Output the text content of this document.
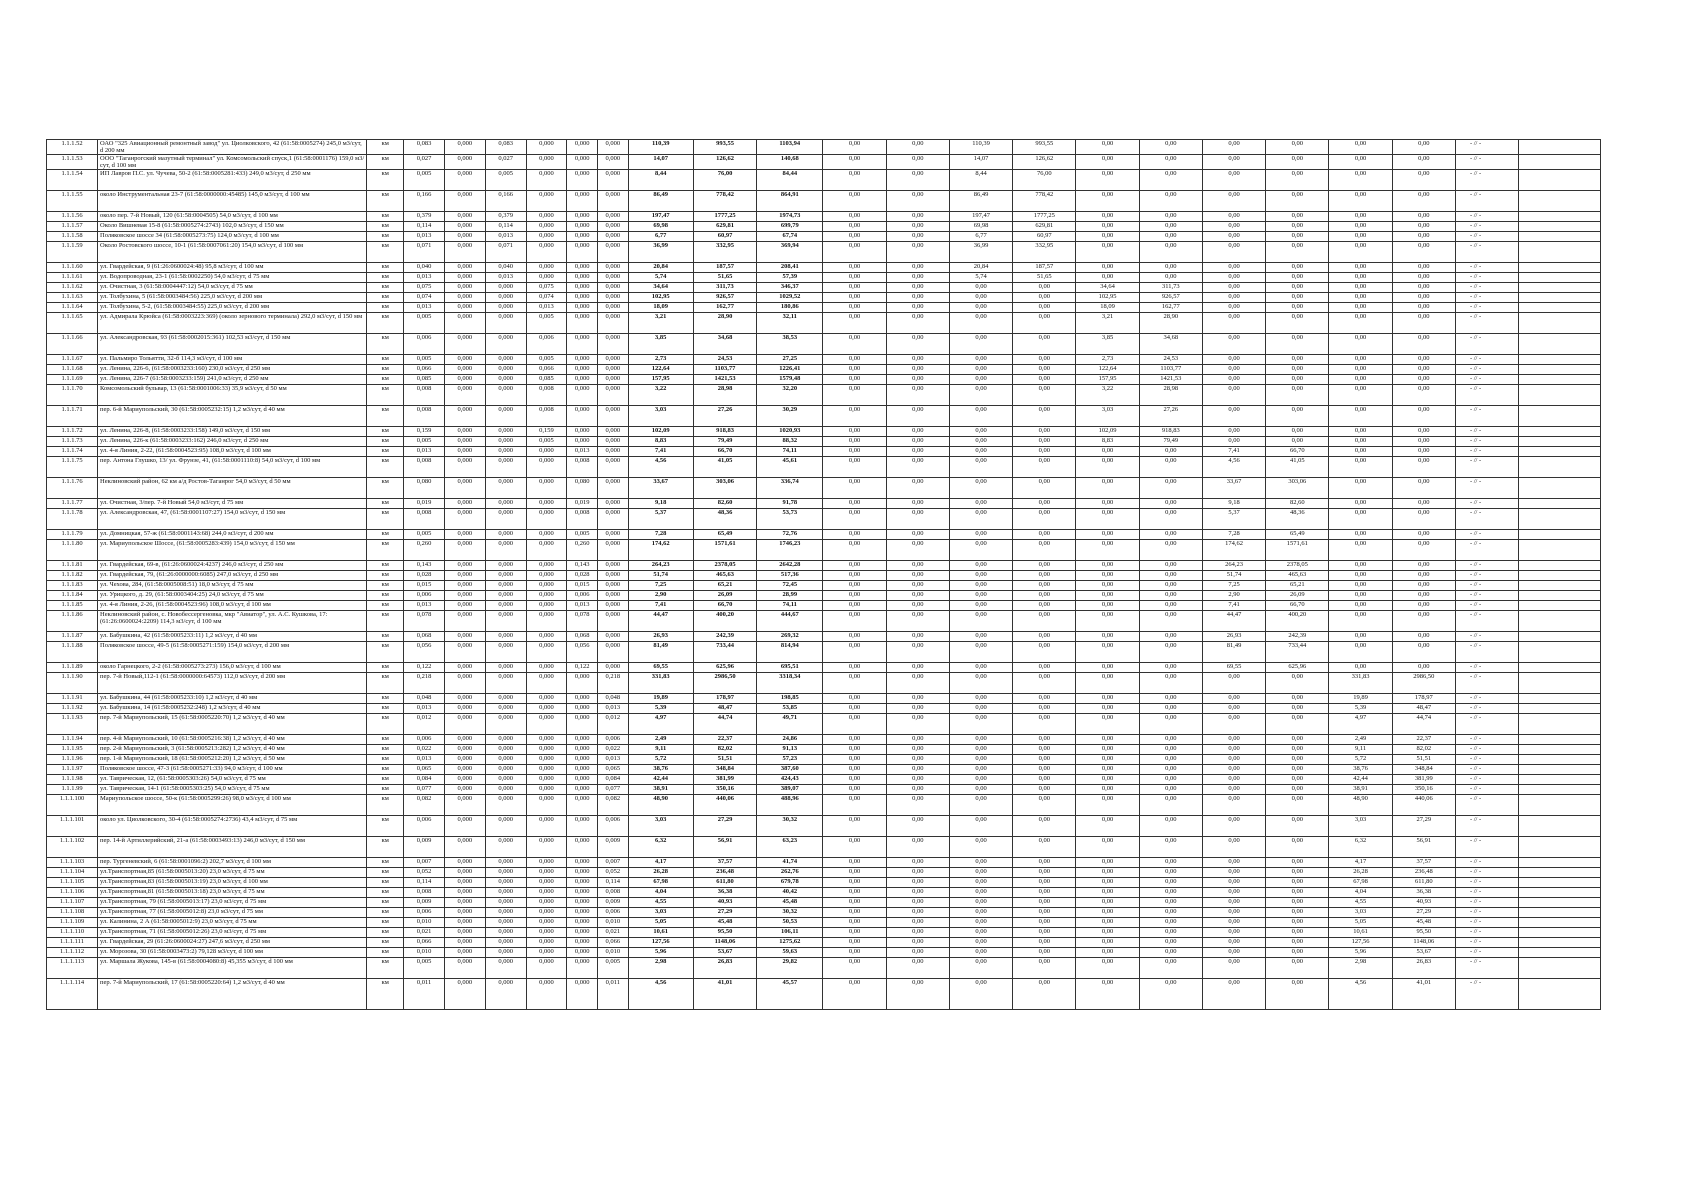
1.1.1.52	ОАО "325 Авиационный ремонтный завод" ул. Циолковского, 42 (61:58:0005274) 245,0 м3/сут, d 200 мм	км	0,083	0,000	0,083	0,000	0,000	0,000	110,39	993,55	1103,94	0,00	0,00	110,39	993,55	0,00	0,00	0,00	0,00	0,00	0,00	- // -	
1.1.1.53	ООО "Таганрогский мазутный терминал" ул. Комсомольский спуск,1 (61:58:0001176) 159,0 м3/сут, d 100 мм	км	0,027	0,000	0,027	0,000	0,000	0,000	14,07	126,62	140,68	0,00	0,00	14,07	126,62	0,00	0,00	0,00	0,00	0,00	0,00	- // -	
1.1.1.54	ИП Лавров П.С. ул. Чучева, 50-2 (61:58:0005281:433) 249,0 м3/сут, d 250 мм	км	0,005	0,000	0,005	0,000	0,000	0,000	8,44	76,00	84,44	0,00	0,00	8,44	76,00	0,00	0,00	0,00	0,00	0,00	0,00	- // -	
1.1.1.55	около Инструментальная 23-7 (61:58:0000000:45485) 145,0 м3/сут, d 100 мм	км	0,166	0,000	0,166	0,000	0,000	0,000	86,49	778,42	864,91	0,00	0,00	86,49	778,42	0,00	0,00	0,00	0,00	0,00	0,00	- // -	
1.1.1.56	около пер. 7-й Новый, 120 (61:58:0004505) 54,0 м3/сут, d 100 мм	км	0,379	0,000	0,379	0,000	0,000	0,000	197,47	1777,25	1974,73	0,00	0,00	197,47	1777,25	0,00	0,00	0,00	0,00	0,00	0,00	- // -	
1.1.1.57	Около Вишневая 15-8 (61:58:0005274:2743) 102,0 м3/сут, d 150 мм	км	0,114	0,000	0,114	0,000	0,000	0,000	69,98	629,81	699,79	0,00	0,00	69,98	629,81	0,00	0,00	0,00	0,00	0,00	0,00	- // -	
1.1.1.58	Поляковское шоссе 34 (61:58:0005273:75) 124,0 м3/сут, d 100 мм	км	0,013	0,000	0,013	0,000	0,000	0,000	6,77	60,97	67,74	0,00	0,00	6,77	60,97	0,00	0,00	0,00	0,00	0,00	0,00	- // -	
1.1.1.59	Около Ростовского шоссе, 10-1 (61:58:0007061:20) 154,0 м3/сут, d 100 мм	км	0,071	0,000	0,071	0,000	0,000	0,000	36,99	332,95	369,94	0,00	0,00	36,99	332,95	0,00	0,00	0,00	0,00	0,00	0,00	- // -	
1.1.1.60	ул. Гвардейская, 9 (61:26:0600024:48) 95,8 м3/сут, d 100 мм	км	0,040	0,000	0,040	0,000	0,000	0,000	20,84	187,57	208,41	0,00	0,00	20,84	187,57	0,00	0,00	0,00	0,00	0,00	0,00	- // -	
1.1.1.61	ул. Водопроводная, 23-1 (61:58:0002250) 54,0 м3/сут, d 75 мм	км	0,013	0,000	0,013	0,000	0,000	0,000	5,74	51,65	57,39	0,00	0,00	5,74	51,65	0,00	0,00	0,00	0,00	0,00	0,00	- // -	
1.1.1.62	ул. Очистная, 3 (61:58:0004447:12) 54,0 м3/сут, d 75 мм	км	0,075	0,000	0,000	0,075	0,000	0,000	34,64	311,73	346,37	0,00	0,00	0,00	0,00	34,64	311,73	0,00	0,00	0,00	0,00	- // -	
1.1.1.63	ул. Толбухина, 5 (61:58:0003484:56) 225,0 м3/сут, d 200 мм	км	0,074	0,000	0,000	0,074	0,000	0,000	102,95	926,57	1029,52	0,00	0,00	0,00	0,00	102,95	926,57	0,00	0,00	0,00	0,00	- // -	
1.1.1.64	ул. Толбухина, 5-2, (61:58:0003484:55) 225,0 м3/сут, d 200 мм	км	0,013	0,000	0,000	0,013	0,000	0,000	18,09	162,77	180,86	0,00	0,00	0,00	0,00	18,09	162,77	0,00	0,00	0,00	0,00	- // -	
1.1.1.65	ул. Адмирала Крюйса (61:58:0003223:369) (около зернового терминала) 292,0 м3/сут, d 150 мм	км	0,005	0,000	0,000	0,005	0,000	0,000	3,21	28,90	32,11	0,00	0,00	0,00	0,00	3,21	28,90	0,00	0,00	0,00	0,00	- // -	
1.1.1.66	ул. Александровская, 93 (61:58:0002015:361) 102,53 м3/сут, d 150 мм	км	0,006	0,000	0,000	0,006	0,000	0,000	3,85	34,68	38,53	0,00	0,00	0,00	0,00	3,85	34,68	0,00	0,00	0,00	0,00	- // -	
1.1.1.67	ул. Пальмиро Тольятти, 32-б 114,3 м3/сут, d 100 мм	км	0,005	0,000	0,000	0,005	0,000	0,000	2,73	24,53	27,25	0,00	0,00	0,00	0,00	2,73	24,53	0,00	0,00	0,00	0,00	- // -	
1.1.1.68	ул. Ленина, 226-6, (61:58:0003233:160) 230,0 м3/сут, d 250 мм	км	0,066	0,000	0,000	0,066	0,000	0,000	122,64	1103,77	1226,41	0,00	0,00	0,00	0,00	122,64	1103,77	0,00	0,00	0,00	0,00	- // -	
1.1.1.69	ул. Ленина, 226-7 (61:58:0003233:159) 241,0 м3/сут, d 250 мм	км	0,085	0,000	0,000	0,085	0,000	0,000	157,95	1421,53	1579,48	0,00	0,00	0,00	0,00	157,95	1421,53	0,00	0,00	0,00	0,00	- // -	
1.1.1.70	Комсомольский бульвар, 13 (61:58:0001006:33) 35,9 м3/сут, d 50 мм	км	0,008	0,000	0,000	0,008	0,000	0,000	3,22	28,98	32,20	0,00	0,00	0,00	0,00	3,22	28,98	0,00	0,00	0,00	0,00	- // -	
1.1.1.71	пер. 6-й Мариупольский, 30 (61:58:0005232:15) 1,2 м3/сут, d 40 мм	км	0,008	0,000	0,000	0,008	0,000	0,000	3,03	27,26	30,29	0,00	0,00	0,00	0,00	3,03	27,26	0,00	0,00	0,00	0,00	- // -	
1.1.1.72	ул. Ленина, 226-8, (61:58:0003233:158) 149,0 м3/сут, d 150 мм	км	0,159	0,000	0,000	0,159	0,000	0,000	102,09	918,83	1020,93	0,00	0,00	0,00	0,00	102,09	918,83	0,00	0,00	0,00	0,00	- // -	
1.1.1.73	ул. Ленина, 226-к (61:58:0003233:162) 246,0 м3/сут, d 250 мм	км	0,005	0,000	0,000	0,005	0,000	0,000	8,83	79,49	88,32	0,00	0,00	0,00	0,00	8,83	79,49	0,00	0,00	0,00	0,00	- // -	
1.1.1.74	ул. 4-я Линия, 2-22, (61:58:0004523:95) 108,0 м3/сут, d 100 мм	км	0,013	0,000	0,000	0,000	0,013	0,000	7,41	66,70	74,11	0,00	0,00	0,00	0,00	0,00	0,00	7,41	66,70	0,00	0,00	- // -	
1.1.1.75	пер. Антона Глушко, 13/ ул. Фрунзе, 41, (61:58:0001110:8) 54,0 м3/сут, d 100 мм	км	0,008	0,000	0,000	0,000	0,008	0,000	4,56	41,05	45,61	0,00	0,00	0,00	0,00	0,00	0,00	4,56	41,05	0,00	0,00	- // -	
1.1.1.76	Неклиновский район, 62 км а/д Ростов-Таганрог 54,0 м3/сут, d 50 мм	км	0,080	0,000	0,000	0,000	0,080	0,000	33,67	303,06	336,74	0,00	0,00	0,00	0,00	0,00	0,00	33,67	303,06	0,00	0,00	- // -	
1.1.1.77	ул. Очистная, 3/пер. 7-й Новый 54,0 м3/сут, d 75 мм	км	0,019	0,000	0,000	0,000	0,019	0,000	9,18	82,60	91,78	0,00	0,00	0,00	0,00	0,00	0,00	9,18	82,60	0,00	0,00	- // -	
1.1.1.78	ул. Александровская, 47, (61:58:0001107:27) 154,0 м3/сут, d 150 мм	км	0,008	0,000	0,000	0,000	0,008	0,000	5,37	48,36	53,73	0,00	0,00	0,00	0,00	0,00	0,00	5,37	48,36	0,00	0,00	- // -	
1.1.1.79	ул. Домницкая, 57-ж (61:58:0001143:68) 244,0 м3/сут, d 200 мм	км	0,005	0,000	0,000	0,000	0,005	0,000	7,28	65,49	72,76	0,00	0,00	0,00	0,00	0,00	0,00	7,28	65,49	0,00	0,00	- // -	
1.1.1.80	ул. Мариупольское Шоссе, (61:58:0005283:439) 154,0 м3/сут, d 150 мм	км	0,260	0,000	0,000	0,000	0,260	0,000	174,62	1571,61	1746,23	0,00	0,00	0,00	0,00	0,00	0,00	174,62	1571,61	0,00	0,00	- // -	
1.1.1.81	ул. Гвардейская, 69-в, (61:26:0600024:4237) 246,0 м3/сут, d 250 мм	км	0,143	0,000	0,000	0,000	0,143	0,000	264,23	2378,05	2642,28	0,00	0,00	0,00	0,00	0,00	0,00	264,23	2378,05	0,00	0,00	- // -	
1.1.1.82	ул. Гвардейская, 79, (61:26:0000000:6085) 247,0 м3/сут, d 250 мм	км	0,028	0,000	0,000	0,000	0,028	0,000	51,74	465,63	517,36	0,00	0,00	0,00	0,00	0,00	0,00	51,74	465,63	0,00	0,00	- // -	
1.1.1.83	ул. Чехова, 284, (61:58:0005008:51) 18,0 м3/сут, d 75 мм	км	0,015	0,000	0,000	0,000	0,015	0,000	7,25	65,21	72,45	0,00	0,00	0,00	0,00	0,00	0,00	7,25	65,21	0,00	0,00	- // -	
1.1.1.84	ул. Урицкого, д. 29, (61:58:0003404:25) 24,0 м3/сут, d 75 мм	км	0,006	0,000	0,000	0,000	0,006	0,000	2,90	26,09	28,99	0,00	0,00	0,00	0,00	0,00	0,00	2,90	26,09	0,00	0,00	- // -	
1.1.1.85	ул. 4-я Линия, 2-26, (61:58:0004523:96) 108,0 м3/сут, d 100 мм	км	0,013	0,000	0,000	0,000	0,013	0,000	7,41	66,70	74,11	0,00	0,00	0,00	0,00	0,00	0,00	7,41	66,70	0,00	0,00	- // -	
1.1.1.86	Неклиновский район, с. Новобессергеновка, мкр "Авиатор", ул. А.С. Кушкова, 17: (61:26:0600024:2209) 114,3 м3/сут, d 100 мм	км	0,078	0,000	0,000	0,000	0,078	0,000	44,47	400,20	444,67	0,00	0,00	0,00	0,00	0,00	0,00	44,47	400,20	0,00	0,00	- // -	
1.1.1.87	ул. Бабушкина, 42 (61:58:0005233:11) 1,2 м3/сут, d 40 мм	км	0,068	0,000	0,000	0,000	0,068	0,000	26,93	242,39	269,32	0,00	0,00	0,00	0,00	0,00	0,00	26,93	242,39	0,00	0,00	- // -	
1.1.1.88	Поляковское шоссе, 49-5 (61:58:0005271:159) 154,0 м3/сут, d 200 мм	км	0,056	0,000	0,000	0,000	0,056	0,000	81,49	733,44	814,94	0,00	0,00	0,00	0,00	0,00	0,00	81,49	733,44	0,00	0,00	- // -	
1.1.1.89	около Гарнецкого, 2-2 (61:58:0005273:273) 156,0 м3/сут, d 100 мм	км	0,122	0,000	0,000	0,000	0,122	0,000	69,55	625,96	695,51	0,00	0,00	0,00	0,00	0,00	0,00	69,55	625,96	0,00	0,00	- // -	
1.1.1.90	пер. 7-й Новый,112-1 (61:58:0000000:64573) 112,0 м3/сут, d 200 мм	км	0,218	0,000	0,000	0,000	0,000	0,218	331,83	2986,50	3318,34	0,00	0,00	0,00	0,00	0,00	0,00	0,00	0,00	331,83	2986,50	- // -	
1.1.1.91	ул. Бабушкина, 44 (61:58:0005233:10) 1,2 м3/сут, d 40 мм	км	0,048	0,000	0,000	0,000	0,000	0,048	19,89	178,97	198,85	0,00	0,00	0,00	0,00	0,00	0,00	0,00	0,00	19,89	178,97	- // -	
1.1.1.92	ул. Бабушкина, 14 (61:58:0005232:248) 1,2 м3/сут, d 40 мм	км	0,013	0,000	0,000	0,000	0,000	0,013	5,39	48,47	53,85	0,00	0,00	0,00	0,00	0,00	0,00	0,00	0,00	5,39	48,47	- // -	
1.1.1.93	пер. 7-й Мариупольский, 15 (61:58:0005220:70) 1,2 м3/сут, d 40 мм	км	0,012	0,000	0,000	0,000	0,000	0,012	4,97	44,74	49,71	0,00	0,00	0,00	0,00	0,00	0,00	0,00	0,00	4,97	44,74	- // -	
1.1.1.94	пер. 4-й Мариупольский, 10 (61:58:0005216:38) 1,2 м3/сут, d 40 мм	км	0,006	0,000	0,000	0,000	0,000	0,006	2,49	22,37	24,86	0,00	0,00	0,00	0,00	0,00	0,00	0,00	0,00	2,49	22,37	- // -	
1.1.1.95	пер. 2-й Мариупольский, 3 (61:58:0005213:282) 1,2 м3/сут, d 40 мм	км	0,022	0,000	0,000	0,000	0,000	0,022	9,11	82,02	91,13	0,00	0,00	0,00	0,00	0,00	0,00	0,00	0,00	9,11	82,02	- // -	
1.1.1.96	пер. 1-й Мариупольский, 18 (61:58:0005212:20) 1,2 м3/сут, d 50 мм	км	0,013	0,000	0,000	0,000	0,000	0,013	5,72	51,51	57,23	0,00	0,00	0,00	0,00	0,00	0,00	0,00	0,00	5,72	51,51	- // -	
1.1.1.97	Поляковское шоссе, 47-3 (61:58:0005271:33) 94,0 м3/сут, d 100 мм	км	0,065	0,000	0,000	0,000	0,000	0,065	38,76	348,84	387,60	0,00	0,00	0,00	0,00	0,00	0,00	0,00	0,00	38,76	348,84	- // -	
1.1.1.98	ул. Таврическая, 12, (61:58:0005303:26) 54,0 м3/сут, d 75 мм	км	0,084	0,000	0,000	0,000	0,000	0,084	42,44	381,99	424,43	0,00	0,00	0,00	0,00	0,00	0,00	0,00	0,00	42,44	381,99	- // -	
1.1.1.99	ул. Таврическая, 14-1 (61:58:0005303:25) 54,0 м3/сут, d 75 мм	км	0,077	0,000	0,000	0,000	0,000	0,077	38,91	350,16	389,07	0,00	0,00	0,00	0,00	0,00	0,00	0,00	0,00	38,91	350,16	- // -	
1.1.1.100	Мариупольское шоссе, 50-к (61:58:0005299:26) 98,0 м3/сут, d 100 мм	км	0,082	0,000	0,000	0,000	0,000	0,082	48,90	440,06	488,96	0,00	0,00	0,00	0,00	0,00	0,00	0,00	0,00	48,90	440,06	- // -	
1.1.1.101	около ул. Циолковского, 30-4 (61:58:0005274:2736) 43,4 м3/сут, d 75 мм	км	0,006	0,000	0,000	0,000	0,000	0,006	3,03	27,29	30,32	0,00	0,00	0,00	0,00	0,00	0,00	0,00	0,00	3,03	27,29	- // -	
1.1.1.102	пер. 14-й Артиллерийский, 21-а (61:58:0003493:13) 246,0 м3/сут, d 150 мм	км	0,009	0,000	0,000	0,000	0,000	0,009	6,32	56,91	63,23	0,00	0,00	0,00	0,00	0,00	0,00	0,00	0,00	6,32	56,91	- // -	
1.1.1.103	пер. Тургеневский, 6 (61:58:0001096:2) 202,7 м3/сут, d 100 мм	км	0,007	0,000	0,000	0,000	0,000	0,007	4,17	37,57	41,74	0,00	0,00	0,00	0,00	0,00	0,00	0,00	0,00	4,17	37,57	- // -	
1.1.1.104	ул.Транспортная,85 (61:58:0005013:20) 23,0 м3/сут, d 75 мм	км	0,052	0,000	0,000	0,000	0,000	0,052	26,28	236,48	262,76	0,00	0,00	0,00	0,00	0,00	0,00	0,00	0,00	26,28	236,48	- // -	
1.1.1.105	ул.Транспортная,83 (61:58:0005013:19) 23,0 м3/сут, d 100 мм	км	0,114	0,000	0,000	0,000	0,000	0,114	67,98	611,80	679,78	0,00	0,00	0,00	0,00	0,00	0,00	0,00	0,00	67,98	611,80	- // -	
1.1.1.106	ул.Транспортная,81 (61:58:0005013:18) 23,0 м3/сут, d 75 мм	км	0,008	0,000	0,000	0,000	0,000	0,008	4,04	36,38	40,42	0,00	0,00	0,00	0,00	0,00	0,00	0,00	0,00	4,04	36,38	- // -	
1.1.1.107	ул.Транспортная, 79 (61:58:0005013:17) 23,0 м3/сут, d 75 мм	км	0,009	0,000	0,000	0,000	0,000	0,009	4,55	40,93	45,48	0,00	0,00	0,00	0,00	0,00	0,00	0,00	0,00	4,55	40,93	- // -	
1.1.1.108	ул.Транспортная, 77 (61:58:0005012:8) 23,0 м3/сут, d 75 мм	км	0,006	0,000	0,000	0,000	0,000	0,006	3,03	27,29	30,32	0,00	0,00	0,00	0,00	0,00	0,00	0,00	0,00	3,03	27,29	- // -	
1.1.1.109	ул. Калинина, 2 А (61:58:0005012:9) 23,0 м3/сут, d 75 мм	км	0,010	0,000	0,000	0,000	0,000	0,010	5,05	45,48	50,53	0,00	0,00	0,00	0,00	0,00	0,00	0,00	0,00	5,05	45,48	- // -	
1.1.1.110	ул.Транспортная, 71 (61:58:0005012:26) 23,0 м3/сут, d 75 мм	км	0,021	0,000	0,000	0,000	0,000	0,021	10,61	95,50	106,11	0,00	0,00	0,00	0,00	0,00	0,00	0,00	0,00	10,61	95,50	- // -	
1.1.1.111	ул. Гвардейская, 29 (61:26:0600024:27) 247,6 м3/сут, d 250 мм	км	0,066	0,000	0,000	0,000	0,000	0,066	127,56	1148,06	1275,62	0,00	0,00	0,00	0,00	0,00	0,00	0,00	0,00	127,56	1148,06	- // -	
1.1.1.112	ул. Морозова, 30 (61:58:0003473:2) 79,128 м3/сут, d 100 мм	км	0,010	0,000	0,000	0,000	0,000	0,010	5,96	53,67	59,63	0,00	0,00	0,00	0,00	0,00	0,00	0,00	0,00	5,96	53,67	- // -	
1.1.1.113	ул. Маршала Жукова, 145-в (61:58:0004080:8) 45,355 м3/сут, d 100 мм	км	0,005	0,000	0,000	0,000	0,000	0,005	2,98	26,83	29,82	0,00	0,00	0,00	0,00	0,00	0,00	0,00	0,00	2,98	26,83	- // -	
1.1.1.114	пер. 7-й Мариупольский, 17 (61:58:0005220:64) 1,2 м3/сут, d 40 мм	км	0,011	0,000	0,000	0,000	0,000	0,011	4,56	41,01	45,57	0,00	0,00	0,00	0,00	0,00	0,00	0,00	0,00	4,56	41,01	- // -	
